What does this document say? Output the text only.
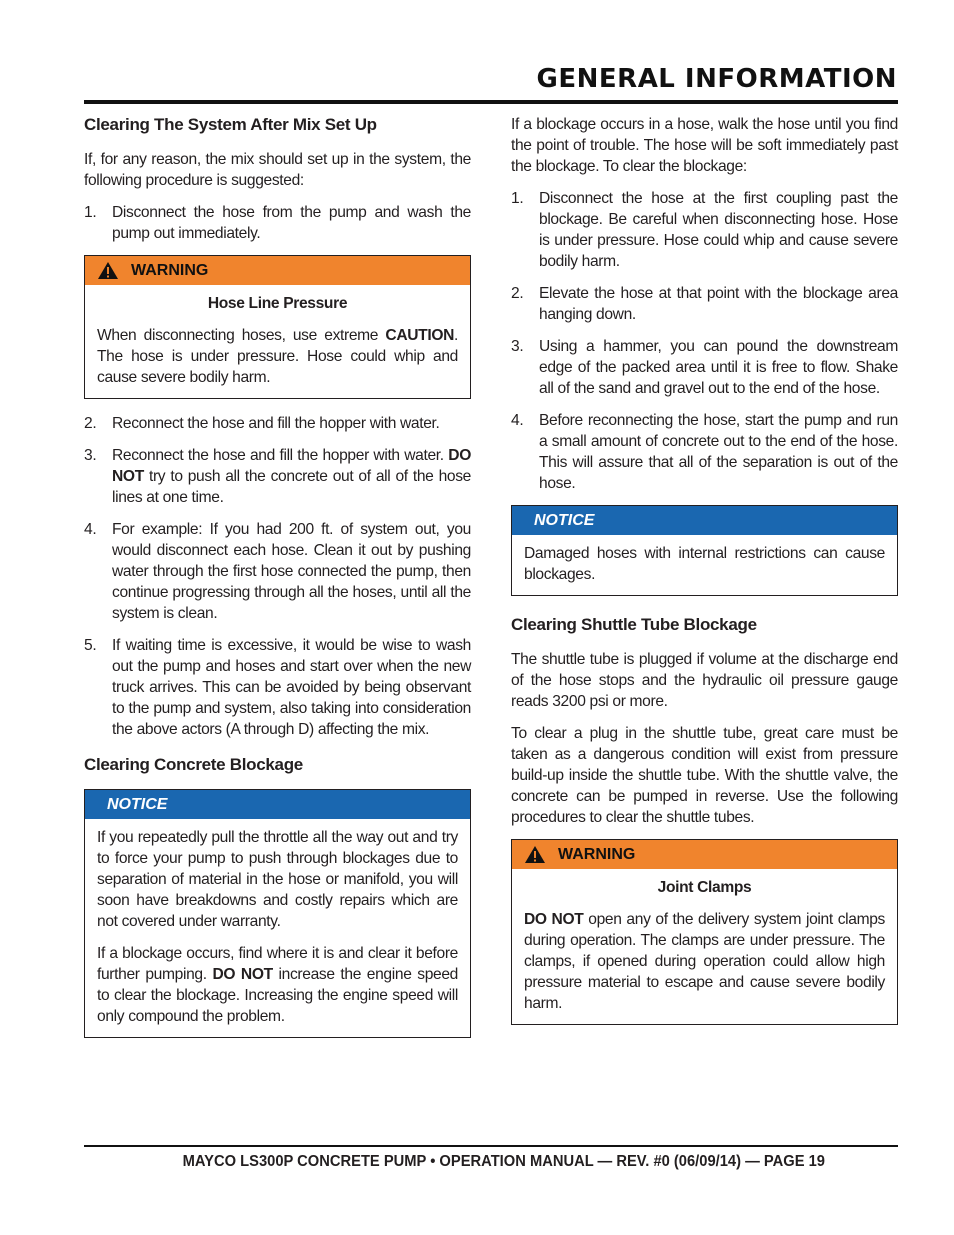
GENERAL INFORMATION
Clearing The System After Mix Set Up

If, for any reason, the mix should set up in the system, the following procedure is suggested:

1. Disconnect the hose from the pump and wash the pump out immediately.
WARNING

Hose Line Pressure

When disconnecting hoses, use extreme CAUTION. The hose is under pressure. Hose could whip and cause severe bodily harm.

2. Reconnect the hose and fill the hopper with water.
3. Reconnect the hose and fill the hopper with water. DO NOT try to push all the concrete out of all of the hose lines at one time.
4. For example: If you had 200 ft. of system out, you would disconnect each hose. Clean it out by pushing water through the first hose connected the pump, then continue progressing through all the hoses, until all the system is clean.
5. If waiting time is excessive, it would be wise to wash out the pump and hoses and start over when the new truck arrives. This can be avoided by being observant to the pump and system, also taking into consideration the above actors (A through D) affecting the mix.
Clearing Concrete Blockage
NOTICE

If you repeatedly pull the throttle all the way out and try to force your pump to push through blockages due to separation of material in the hose or manifold, you will soon have breakdowns and costly repairs which are not covered under warranty.

If a blockage occurs, find where it is and clear it before further pumping. DO NOT increase the engine speed to clear the blockage. Increasing the engine speed will only compound the problem.

If a blockage occurs in a hose, walk the hose until you find the point of trouble. The hose will be soft immediately past the blockage. To clear the blockage:

1. Disconnect the hose at the first coupling past the blockage. Be careful when disconnecting hose. Hose is under pressure. Hose could whip and cause severe bodily harm.
2. Elevate the hose at that point with the blockage area hanging down.
3. Using a hammer, you can pound the downstream edge of the packed area until it is free to flow. Shake all of the sand and gravel out to the end of the hose.
4. Before reconnecting the hose, start the pump and run a small amount of concrete out to the end of the hose. This will assure that all of the separation is out of the hose.
NOTICE

Damaged hoses with internal restrictions can cause blockages.

Clearing Shuttle Tube Blockage

The shuttle tube is plugged if volume at the discharge end of the hose stops and the hydraulic oil pressure gauge reads 3200 psi or more.

To clear a plug in the shuttle tube, great care must be taken as a dangerous condition will exist from pressure build-up inside the shuttle tube. With the shuttle valve, the concrete can be pumped in reverse. Use the following procedures to clear the shuttle tubes.

WARNING

Joint Clamps

DO NOT open any of the delivery system joint clamps during operation. The clamps are under pressure. The clamps, if opened during operation could allow high pressure material to escape and cause severe bodily harm.

MAYCO LS300P CONCRETE PUMP • OPERATION MANUAL — REV. #0 (06/09/14) — PAGE 19
